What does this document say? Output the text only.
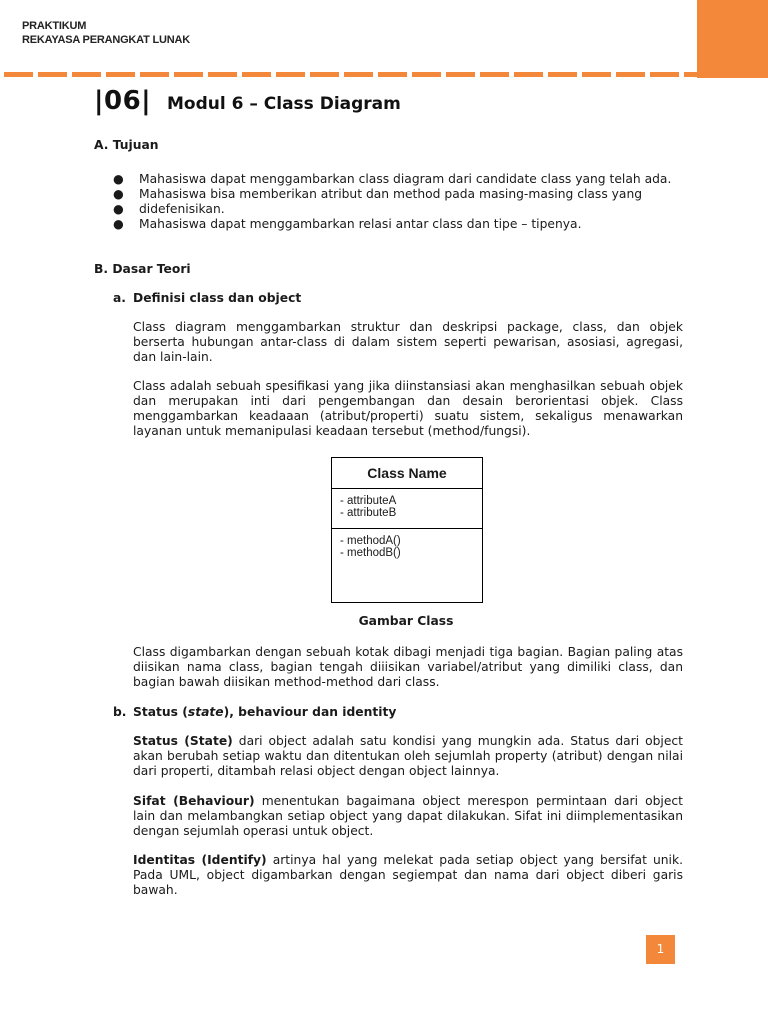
PRAKTIKUM
REKAYASA PERANGKAT LUNAK
|06| Modul 6 – Class Diagram
A. Tujuan
● Mahasiswa dapat menggambarkan class diagram dari candidate class yang telah ada.
● Mahasiswa bisa memberikan atribut dan method pada masing-masing class yang
● didefenisikan.
● Mahasiswa dapat menggambarkan relasi antar class dan tipe – tipenya.
B. Dasar Teori
a. Definisi class dan object
Class diagram menggambarkan struktur dan deskripsi package, class, dan objek berserta hubungan antar-class di dalam sistem seperti pewarisan, asosiasi, agregasi, dan lain-lain.
Class adalah sebuah spesifikasi yang jika diinstansiasi akan menghasilkan sebuah objek dan merupakan inti dari pengembangan dan desain berorientasi objek. Class menggambarkan keadaaan (atribut/properti) suatu sistem, sekaligus menawarkan layanan untuk memanipulasi keadaan tersebut (method/fungsi).
Class Name
- attributeA
- attributeB
- methodA()
- methodB()
Gambar Class
Class digambarkan dengan sebuah kotak dibagi menjadi tiga bagian. Bagian paling atas diisikan nama class, bagian tengah diiisikan variabel/atribut yang dimiliki class, dan bagian bawah diisikan method-method dari class.
b. Status (state), behaviour dan identity
Status (State) dari object adalah satu kondisi yang mungkin ada. Status dari object akan berubah setiap waktu dan ditentukan oleh sejumlah property (atribut) dengan nilai dari properti, ditambah relasi object dengan object lainnya.
Sifat (Behaviour) menentukan bagaimana object merespon permintaan dari object lain dan melambangkan setiap object yang dapat dilakukan. Sifat ini diimplementasikan dengan sejumlah operasi untuk object.
Identitas (Identify) artinya hal yang melekat pada setiap object yang bersifat unik. Pada UML, object digambarkan dengan segiempat dan nama dari object diberi garis bawah.
1
